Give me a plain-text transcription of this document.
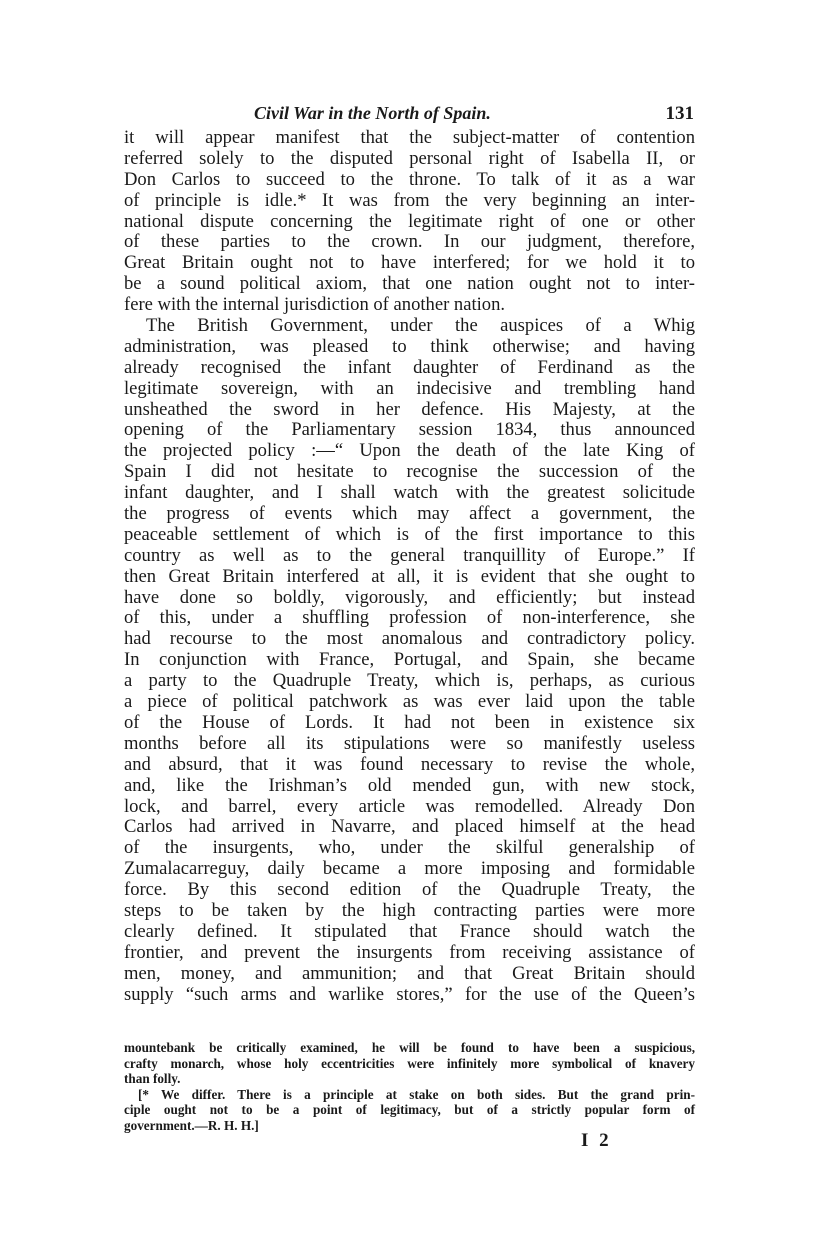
Civil War in the North of Spain.	131
it will appear manifest that the subject-matter of contention
referred solely to the disputed personal right of Isabella II, or
Don Carlos to succeed to the throne. To talk of it as a war
of principle is idle.* It was from the very beginning an inter-
national dispute concerning the legitimate right of one or other
of these parties to the crown. In our judgment, therefore,
Great Britain ought not to have interfered; for we hold it to
be a sound political axiom, that one nation ought not to inter-
fere with the internal jurisdiction of another nation.
The British Government, under the auspices of a Whig
administration, was pleased to think otherwise; and having
already recognised the infant daughter of Ferdinand as the
legitimate sovereign, with an indecisive and trembling hand
unsheathed the sword in her defence. His Majesty, at the
opening of the Parliamentary session 1834, thus announced
the projected policy :—“ Upon the death of the late King of
Spain I did not hesitate to recognise the succession of the
infant daughter, and I shall watch with the greatest solicitude
the progress of events which may affect a government, the
peaceable settlement of which is of the first importance to this
country as well as to the general tranquillity of Europe.” If
then Great Britain interfered at all, it is evident that she ought to
have done so boldly, vigorously, and efficiently; but instead
of this, under a shuffling profession of non-interference, she
had recourse to the most anomalous and contradictory policy.
In conjunction with France, Portugal, and Spain, she became
a party to the Quadruple Treaty, which is, perhaps, as curious
a piece of political patchwork as was ever laid upon the table
of the House of Lords. It had not been in existence six
months before all its stipulations were so manifestly useless
and absurd, that it was found necessary to revise the whole,
and, like the Irishman’s old mended gun, with new stock,
lock, and barrel, every article was remodelled. Already Don
Carlos had arrived in Navarre, and placed himself at the head
of the insurgents, who, under the skilful generalship of
Zumalacarreguy, daily became a more imposing and formidable
force. By this second edition of the Quadruple Treaty, the
steps to be taken by the high contracting parties were more
clearly defined. It stipulated that France should watch the
frontier, and prevent the insurgents from receiving assistance of
men, money, and ammunition; and that Great Britain should
supply “such arms and warlike stores,” for the use of the Queen’s
mountebank be critically examined, he will be found to have been a suspicious,
crafty monarch, whose holy eccentricities were infinitely more symbolical of knavery
than folly.
[* We differ. There is a principle at stake on both sides. But the grand prin-
ciple ought not to be a point of legitimacy, but of a strictly popular form of
government.—R. H. H.]
I 2
